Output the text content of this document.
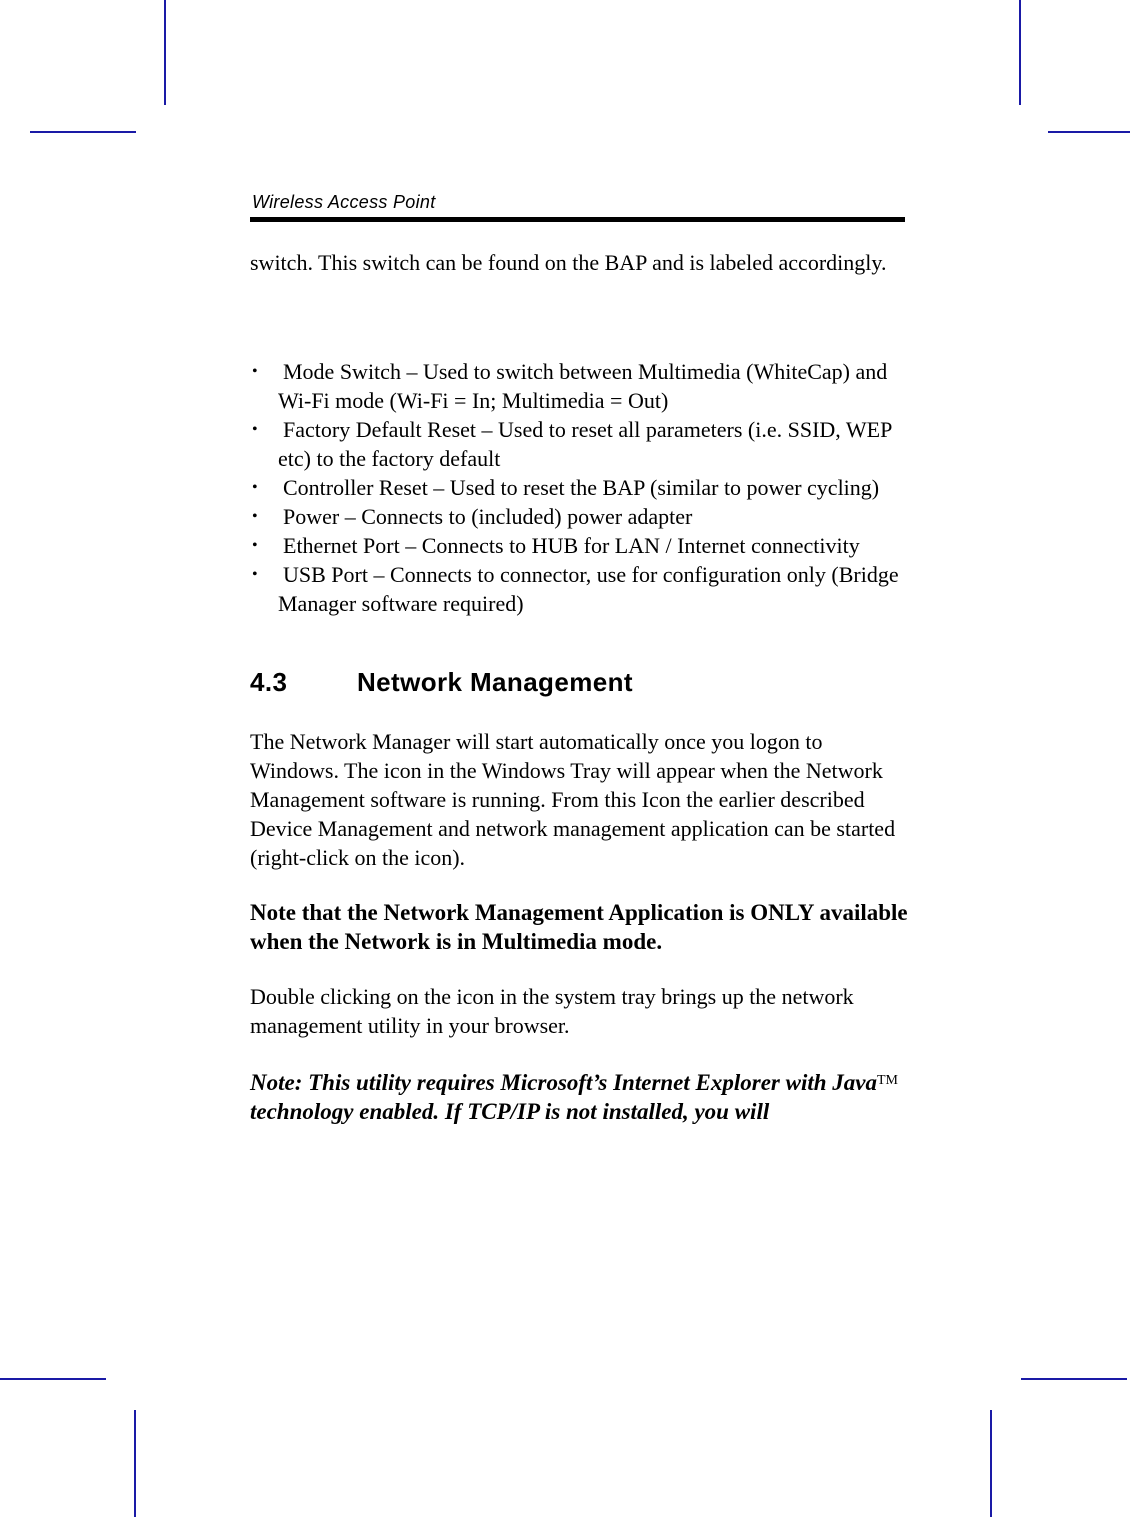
Wireless Access Point

switch. This switch can be found on the BAP and is labeled accordingly.

• Mode Switch – Used to switch between Multimedia (WhiteCap) and Wi-Fi mode (Wi-Fi = In; Multimedia = Out)
• Factory Default Reset – Used to reset all parameters (i.e. SSID, WEP etc) to the factory default
• Controller Reset – Used to reset the BAP (similar to power cycling)
• Power – Connects to (included) power adapter
• Ethernet Port – Connects to HUB for LAN / Internet connectivity
• USB Port – Connects to connector, use for configuration only (Bridge Manager software required)
4.3	Network Management

The Network Manager will start automatically once you logon to Windows. The icon in the Windows Tray will appear when the Network Management software is running. From this Icon the earlier described Device Management and network management application can be started (right-click on the icon).

Note that the Network Management Application is ONLY available when the Network is in Multimedia mode.

Double clicking on the icon in the system tray brings up the network management utility in your browser.

Note: This utility requires Microsoft’s Internet Explorer with Java™ technology enabled. If TCP/IP is not installed, you will
